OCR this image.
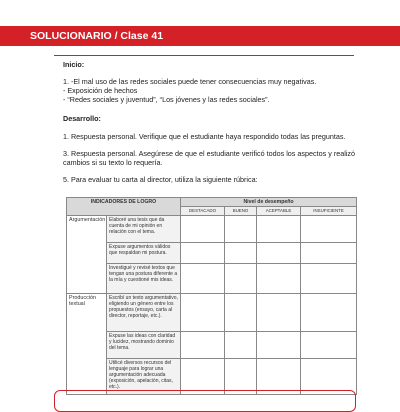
SOLUCIONARIO / Clase 41
Inicio:
1. -El mal uso de las redes sociales puede tener consecuencias muy negativas.
- Exposición de hechos
- “Redes sociales y juventud”, “Los jóvenes y las redes sociales”.
Desarrollo:
1. Respuesta personal. Verifique que el estudiante haya respondido todas las preguntas.
3. Respuesta personal. Asegúrese de que el estudiante verificó todos los aspectos y realizó cambios si su texto lo requería.
5. Para evaluar tu carta al director, utiliza la siguiente rúbrica:
INDICADORES DE LOGRO		Nivel de desempeño			
		DESTACADO	BUENO	ACEPTABLE	INSUFICIENTE
Argumentación	Elaboré una tesis que da cuenta de mi opinión en relación con el tema.				
	Expuse argumentos válidos que respaldan mi postura.				
	Investigué y revisé textos que tengan una postura diferente a la mía y cuestioné mis ideas.				
Producción textual	Escribí un texto argumentativo, eligiendo un género entre los propuestos (ensayo, carta al director, reportaje, etc.).				
	Expuse las ideas con claridad y lucidez, mostrando dominio del tema.				
	Utilicé diversos recursos del lenguaje para lograr una argumentación adecuada (exposición, apelación, citas, etc.).				
